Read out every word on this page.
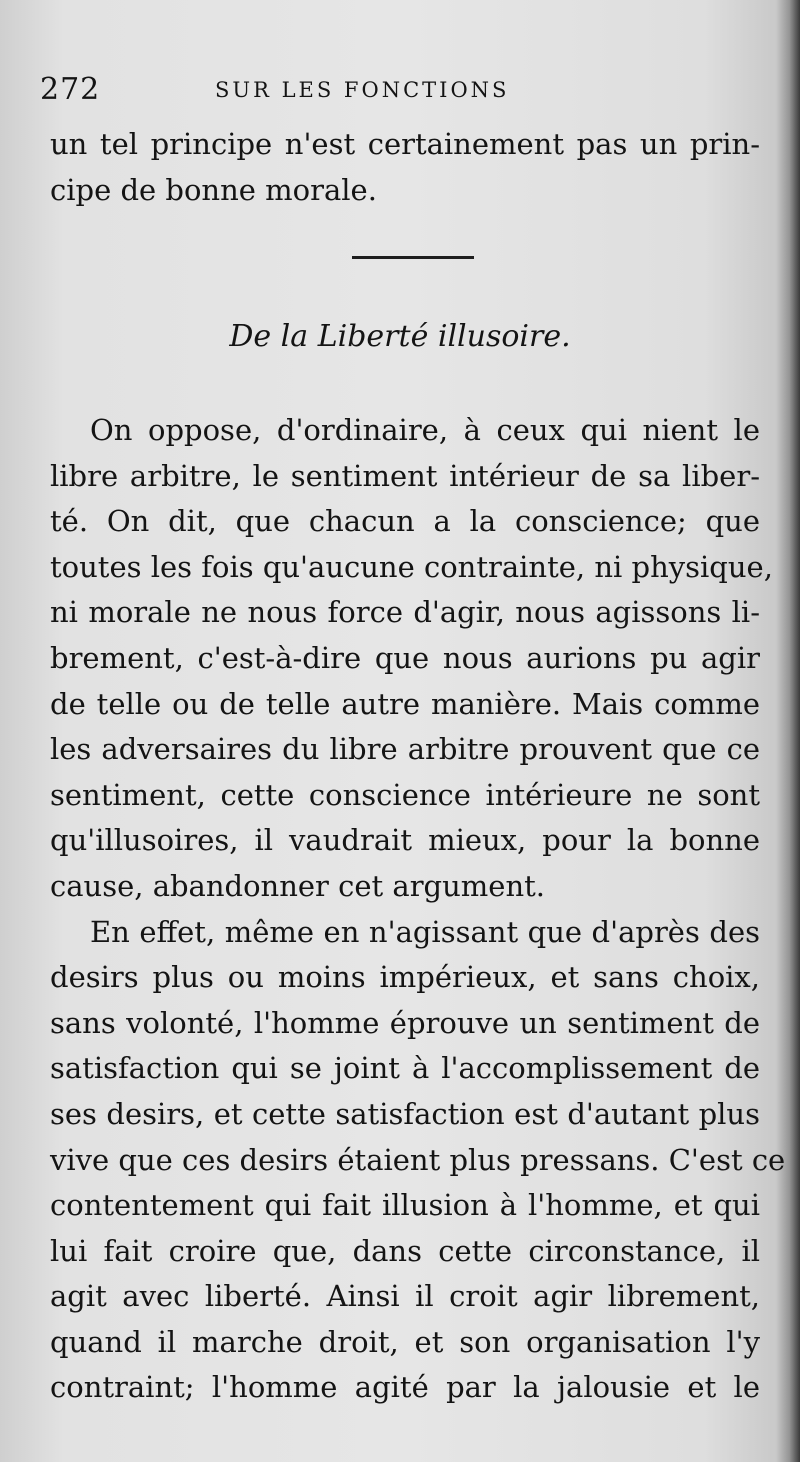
272	SUR LES FONCTIONS
un tel principe n'est certainement pas un prin-
cipe de bonne morale.
De la Liberté illusoire.
On oppose, d'ordinaire, à ceux qui nient le
libre arbitre, le sentiment intérieur de sa liber-
té. On dit, que chacun a la conscience; que
toutes les fois qu'aucune contrainte, ni physique,
ni morale ne nous force d'agir, nous agissons li-
brement, c'est-à-dire que nous aurions pu agir
de telle ou de telle autre manière. Mais comme
les adversaires du libre arbitre prouvent que ce
sentiment, cette conscience intérieure ne sont
qu'illusoires, il vaudrait mieux, pour la bonne
cause, abandonner cet argument.
En effet, même en n'agissant que d'après des
desirs plus ou moins impérieux, et sans choix,
sans volonté, l'homme éprouve un sentiment de
satisfaction qui se joint à l'accomplissement de
ses desirs, et cette satisfaction est d'autant plus
vive que ces desirs étaient plus pressans. C'est ce
contentement qui fait illusion à l'homme, et qui
lui fait croire que, dans cette circonstance, il
agit avec liberté. Ainsi il croit agir librement,
quand il marche droit, et son organisation l'y
contraint; l'homme agité par la jalousie et le
